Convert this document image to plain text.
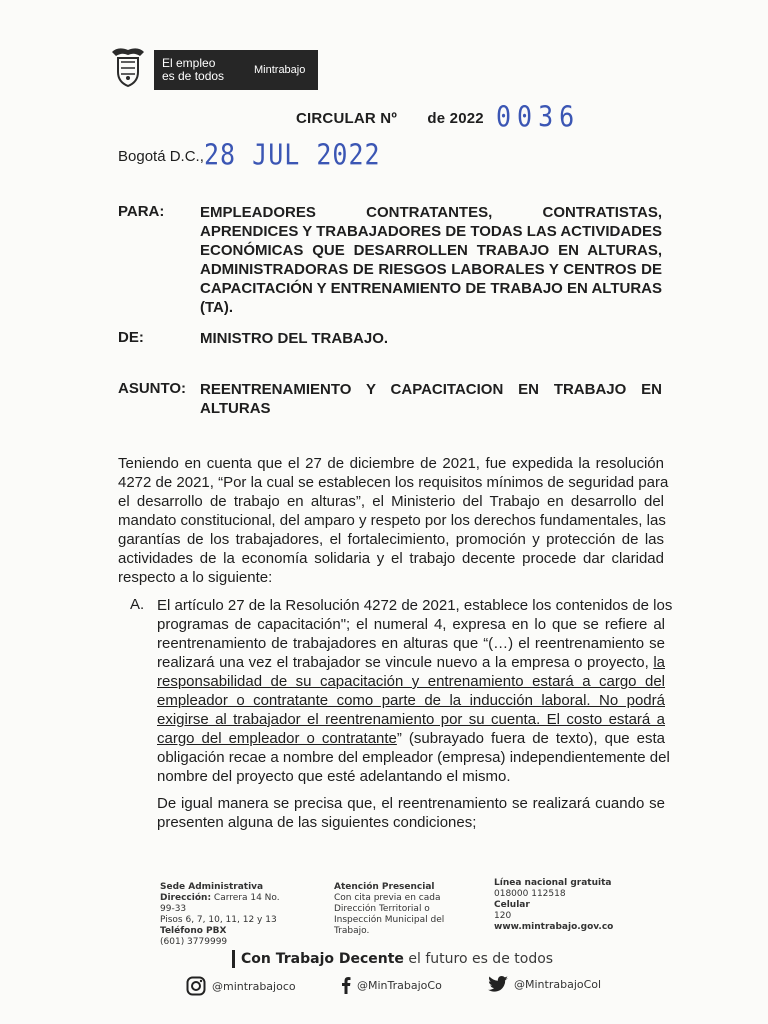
El empleo
es de todos	Mintrabajo
CIRCULAR Nº de 2022 0036
Bogotá D.C., 28 JUL 2022
PARA: EMPLEADORES CONTRATANTES, CONTRATISTAS,
APRENDICES Y TRABAJADORES DE TODAS LAS ACTIVIDADES
ECONÓMICAS QUE DESARROLLEN TRABAJO EN ALTURAS,
ADMINISTRADORAS DE RIESGOS LABORALES Y CENTROS DE
CAPACITACIÓN Y ENTRENAMIENTO DE TRABAJO EN ALTURAS
(TA).
DE:	MINISTRO DEL TRABAJO.
ASUNTO: REENTRENAMIENTO Y CAPACITACION EN TRABAJO EN
ALTURAS
Teniendo en cuenta que el 27 de diciembre de 2021, fue expedida la resolución
4272 de 2021, “Por la cual se establecen los requisitos mínimos de seguridad para
el desarrollo de trabajo en alturas”, el Ministerio del Trabajo en desarrollo del
mandato constitucional, del amparo y respeto por los derechos fundamentales, las
garantías de los trabajadores, el fortalecimiento, promoción y protección de las
actividades de la economía solidaria y el trabajo decente procede dar claridad
respecto a lo siguiente:
A. El artículo 27 de la Resolución 4272 de 2021, establece los contenidos de los
programas de capacitación"; el numeral 4, expresa en lo que se refiere al
reentrenamiento de trabajadores en alturas que “(…) el reentrenamiento se
realizará una vez el trabajador se vincule nuevo a la empresa o proyecto, la
responsabilidad de su capacitación y entrenamiento estará a cargo del
empleador o contratante como parte de la inducción laboral. No podrá
exigirse al trabajador el reentrenamiento por su cuenta. El costo estará a
cargo del empleador o contratante” (subrayado fuera de texto), que esta
obligación recae a nombre del empleador (empresa) independientemente del
nombre del proyecto que esté adelantando el mismo.
De igual manera se precisa que, el reentrenamiento se realizará cuando se
presenten alguna de las siguientes condiciones;
Sede Administrativa
Dirección: Carrera 14 No.
99-33
Pisos 6, 7, 10, 11, 12 y 13
Teléfono PBX
(601) 3779999
Atención Presencial
Con cita previa en cada
Dirección Territorial o
Inspección Municipal del
Trabajo.
Línea nacional gratuita
018000 112518
Celular
120
www.mintrabajo.gov.co
Con Trabajo Decente el futuro es de todos
@mintrabajoco	@MinTrabajoCo	@MintrabajoCol
